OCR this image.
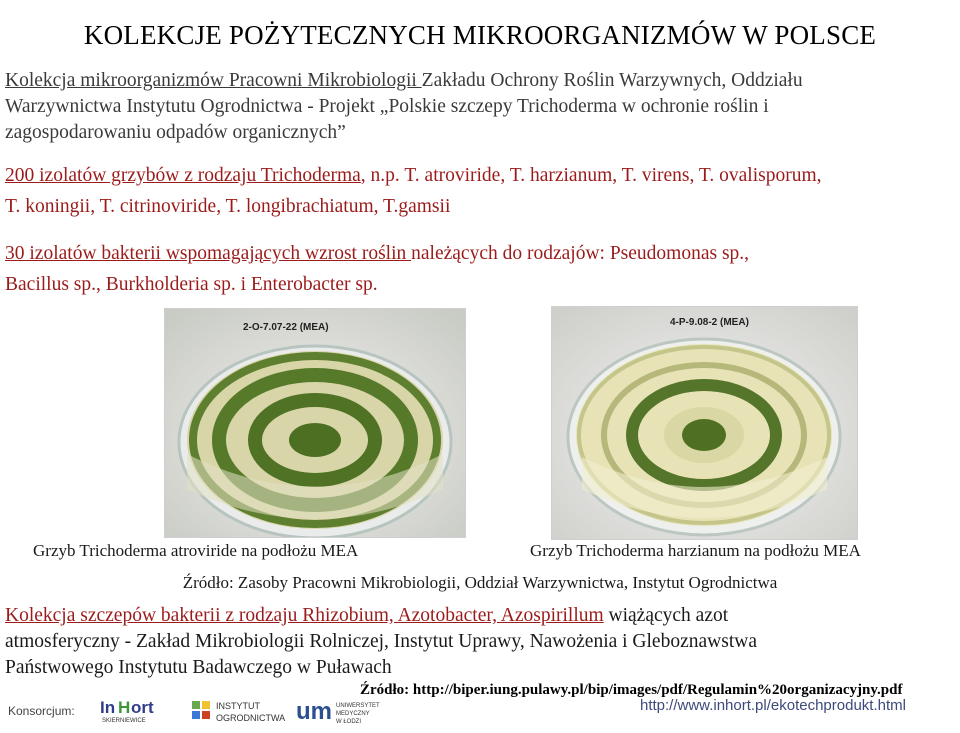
KOLEKCJE POŻYTECZNYCH MIKROORGANIZMÓW W POLSCE
Kolekcja mikroorganizmów Pracowni Mikrobiologii Zakładu Ochrony Roślin Warzywnych, Oddziału
Warzywnictwa Instytutu Ogrodnictwa - Projekt „Polskie szczepy Trichoderma w ochronie roślin i
zagospodarowaniu odpadów organicznych”
200 izolatów grzybów z rodzaju Trichoderma, n.p. T. atroviride, T. harzianum, T. virens, T. ovalisporum,
T. koningii, T. citrinoviride, T. longibrachiatum, T.gamsii
30 izolatów bakterii wspomagających wzrost roślin należących do rodzajów: Pseudomonas sp.,
Bacillus sp., Burkholderia sp. i Enterobacter sp.
2-O-7.07-22 (MEA)	4-P-9.08-2 (MEA)
Grzyb Trichoderma atroviride na podłożu MEA	Grzyb Trichoderma harzianum na podłożu MEA
Źródło: Zasoby Pracowni Mikrobiologii, Oddział Warzywnictwa, Instytut Ogrodnictwa
Kolekcja szczepów bakterii z rodzaju Rhizobium, Azotobacter, Azospirillum wiążących azot
atmosferyczny - Zakład Mikrobiologii Rolniczej, Instytut Uprawy, Nawożenia i Gleboznawstwa
Państwowego Instytutu Badawczego w Puławach
Źródło: http://biper.iung.pulawy.pl/bip/images/pdf/Regulamin%20organizacyjny.pdf
Konsorcjum: In H ort
SKIERNIEWICE
INSTYTUT
OGRODNICTWA um UNIWERSYTET
MEDYCZNY
W ŁODZI
http://www.inhort.pl/ekotechprodukt.html
